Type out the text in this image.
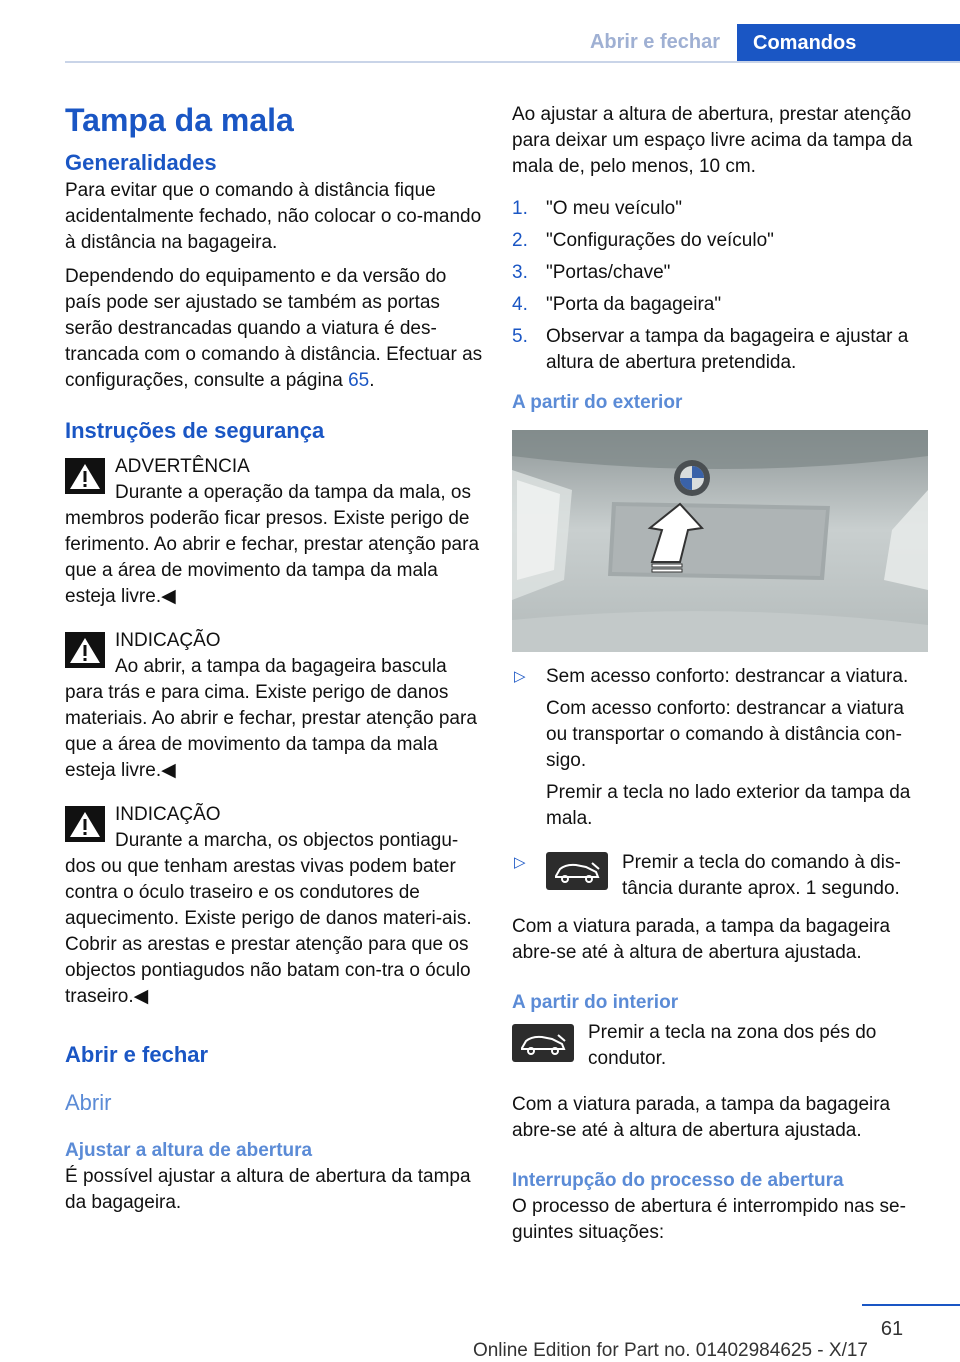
Abrir e fechar	Comandos
Tampa da mala
Generalidades

Para evitar que o comando à distância fique acidentalmente fechado, não colocar o co-mando à distância na bagageira.

Dependendo do equipamento e da versão do país pode ser ajustado se também as portas serão destrancadas quando a viatura é des-trancada com o comando à distância. Efectuar as configurações, consulte a página 65.

Instruções de segurança

ADVERTÊNCIA

Durante a operação da tampa da mala, os membros poderão ficar presos. Existe perigo de ferimento. Ao abrir e fechar, prestar atenção para que a área de movimento da tampa da mala esteja livre.◀

INDICAÇÃO

Ao abrir, a tampa da bagageira bascula para trás e para cima. Existe perigo de danos materiais. Ao abrir e fechar, prestar atenção para que a área de movimento da tampa da mala esteja livre.◀

INDICAÇÃO

Durante a marcha, os objectos pontiagu-dos ou que tenham arestas vivas podem bater contra o óculo traseiro e os condutores de aquecimento. Existe perigo de danos materi-ais. Cobrir as arestas e prestar atenção para que os objectos pontiagudos não batam con-tra o óculo traseiro.◀

Abrir e fechar
Abrir
Ajustar a altura de abertura

É possível ajustar a altura de abertura da tampa da bagageira.

Ao ajustar a altura de abertura, prestar atenção para deixar um espaço livre acima da tampa da mala de, pelo menos, 10 cm.

1. "O meu veículo"
2. "Configurações do veículo"
3. "Portas/chave"
4. "Porta da bagageira"
5. Observar a tampa da bagageira e ajustar a altura de abertura pretendida.
A partir do exterior
▷ Sem acesso conforto: destrancar a viatura.

Com acesso conforto: destrancar a viatura ou transportar o comando à distância con-sigo.

Premir a tecla no lado exterior da tampa da mala.

▷	Premir a tecla do comando à dis-tância durante aprox. 1 segundo.

Com a viatura parada, a tampa da bagageira abre-se até à altura de abertura ajustada.

A partir do interior

Premir a tecla na zona dos pés do condutor.

Com a viatura parada, a tampa da bagageira abre-se até à altura de abertura ajustada.

Interrupção do processo de abertura

O processo de abertura é interrompido nas se-guintes situações:

61
Online Edition for Part no. 01402984625 - X/17
